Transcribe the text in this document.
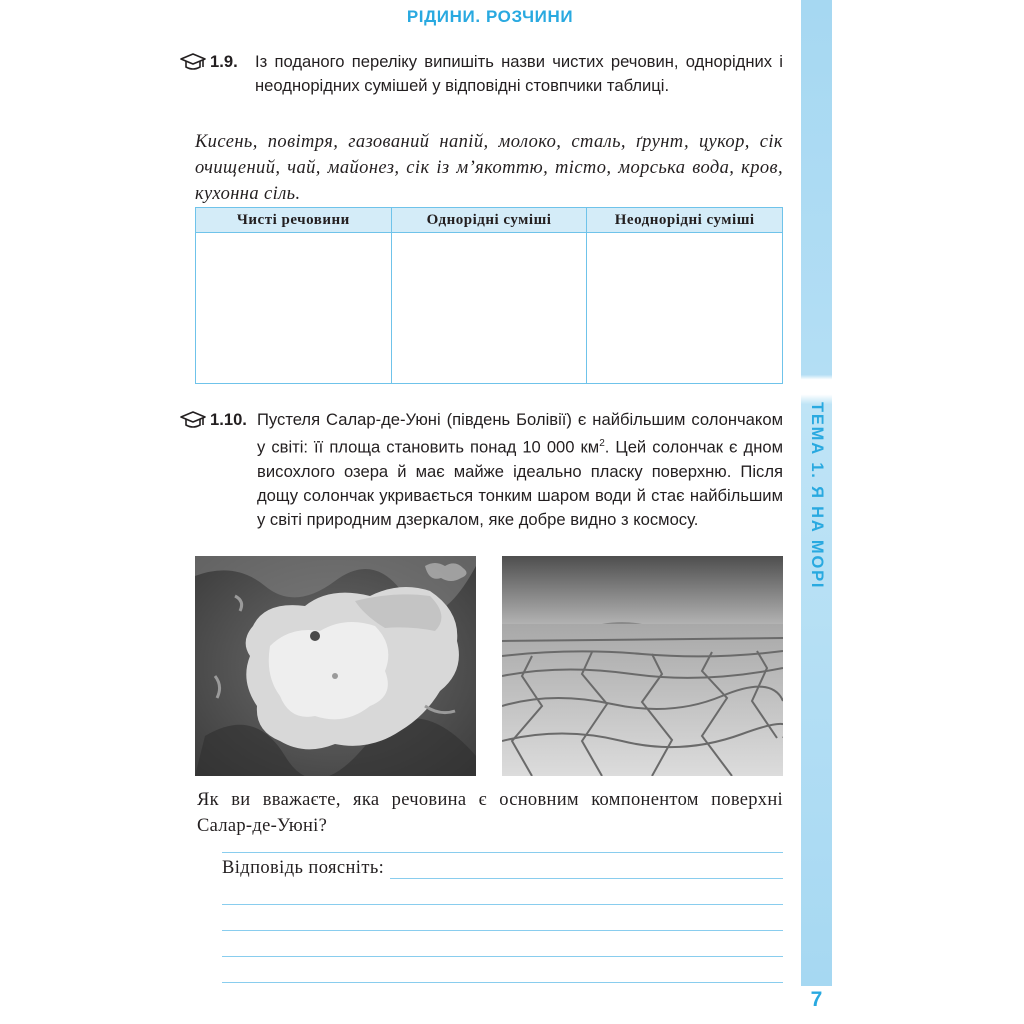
РІДИНИ. РОЗЧИНИ
ТЕМА 1. Я НА МОРІ
7
1.9. Із поданого переліку випишіть назви чистих речовин, однорідних і неоднорідних сумішей у відповідні стовпчики таблиці.
Кисень, повітря, газований напій, молоко, сталь, ґрунт, цукор, сік очищений, чай, майонез, сік із м’якоттю, тісто, морська вода, кров, кухонна сіль.
Чисті речовини	Однорідні суміші	Неоднорідні суміші

1.10. Пустеля Салар-де-Уюні (південь Болівії) є найбільшим солончаком у світі: її площа становить понад 10 000 $км^2$. Цей солончак є дном висохлого озера й має майже ідеально пласку поверхню. Після дощу солончак укривається тонким шаром води й стає найбільшим у світі природним дзеркалом, яке добре видно з космосу.
Як ви вважаєте, яка речовина є основним компонентом поверхні Салар-де-Уюні?
Відповідь поясніть:
